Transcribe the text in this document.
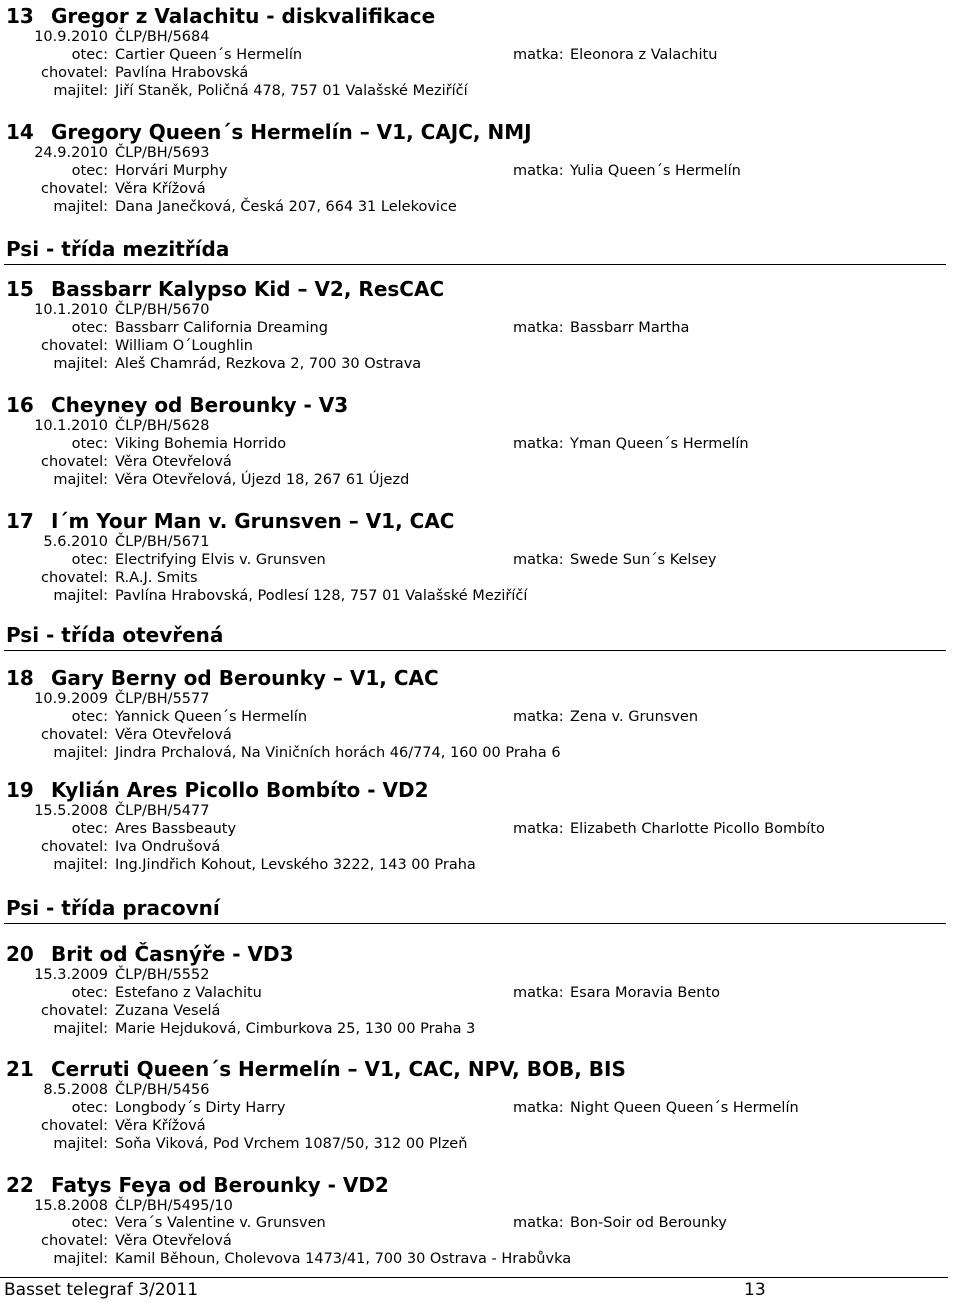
13 Gregor z Valachitu - diskvalifikace
10.9.2010 ČLP/BH/5684
otec: Cartier Queen´s Hermelín	matka: Eleonora z Valachitu
chovatel: Pavlína Hrabovská
majitel: Jiří Staněk, Poličná 478, 757 01 Valašské Meziříčí
14 Gregory Queen´s Hermelín – V1, CAJC, NMJ
24.9.2010 ČLP/BH/5693
otec: Horvári Murphy	matka: Yulia Queen´s Hermelín
chovatel: Věra Křížová
majitel: Dana Janečková, Česká 207, 664 31 Lelekovice
Psi - třída mezitřída
15 Bassbarr Kalypso Kid – V2, ResCAC
10.1.2010 ČLP/BH/5670
otec: Bassbarr California Dreaming	matka: Bassbarr Martha
chovatel: William O´Loughlin
majitel: Aleš Chamrád, Rezkova 2, 700 30 Ostrava
16 Cheyney od Berounky - V3
10.1.2010 ČLP/BH/5628
otec: Viking Bohemia Horrido	matka: Yman Queen´s Hermelín
chovatel: Věra Otevřelová
majitel: Věra Otevřelová, Újezd 18, 267 61 Újezd
17 I´m Your Man v. Grunsven – V1, CAC
5.6.2010 ČLP/BH/5671
otec: Electrifying Elvis v. Grunsven	matka: Swede Sun´s Kelsey
chovatel: R.A.J. Smits
majitel: Pavlína Hrabovská, Podlesí 128, 757 01 Valašské Meziříčí
Psi - třída otevřená
18 Gary Berny od Berounky – V1, CAC
10.9.2009 ČLP/BH/5577
otec: Yannick Queen´s Hermelín	matka: Zena v. Grunsven
chovatel: Věra Otevřelová
majitel: Jindra Prchalová, Na Viničních horách 46/774, 160 00 Praha 6
19 Kylián Ares Picollo Bombíto - VD2
15.5.2008 ČLP/BH/5477
otec: Ares Bassbeauty	matka: Elizabeth Charlotte Picollo Bombíto
chovatel: Iva Ondrušová
majitel: Ing.Jindřich Kohout, Levského 3222, 143 00 Praha
Psi - třída pracovní
20 Brit od Časnýře - VD3
15.3.2009 ČLP/BH/5552
otec: Estefano z Valachitu	matka: Esara Moravia Bento
chovatel: Zuzana Veselá
majitel: Marie Hejduková, Cimburkova 25, 130 00 Praha 3
21 Cerruti Queen´s Hermelín – V1, CAC, NPV, BOB, BIS
8.5.2008 ČLP/BH/5456
otec: Longbody´s Dirty Harry	matka: Night Queen Queen´s Hermelín
chovatel: Věra Křížová
majitel: Soňa Viková, Pod Vrchem 1087/50, 312 00 Plzeň
22 Fatys Feya od Berounky - VD2
15.8.2008 ČLP/BH/5495/10
otec: Vera´s Valentine v. Grunsven	matka: Bon-Soir od Berounky
chovatel: Věra Otevřelová
majitel: Kamil Běhoun, Cholevova 1473/41, 700 30 Ostrava - Hrabůvka
Basset telegraf 3/2011	13
